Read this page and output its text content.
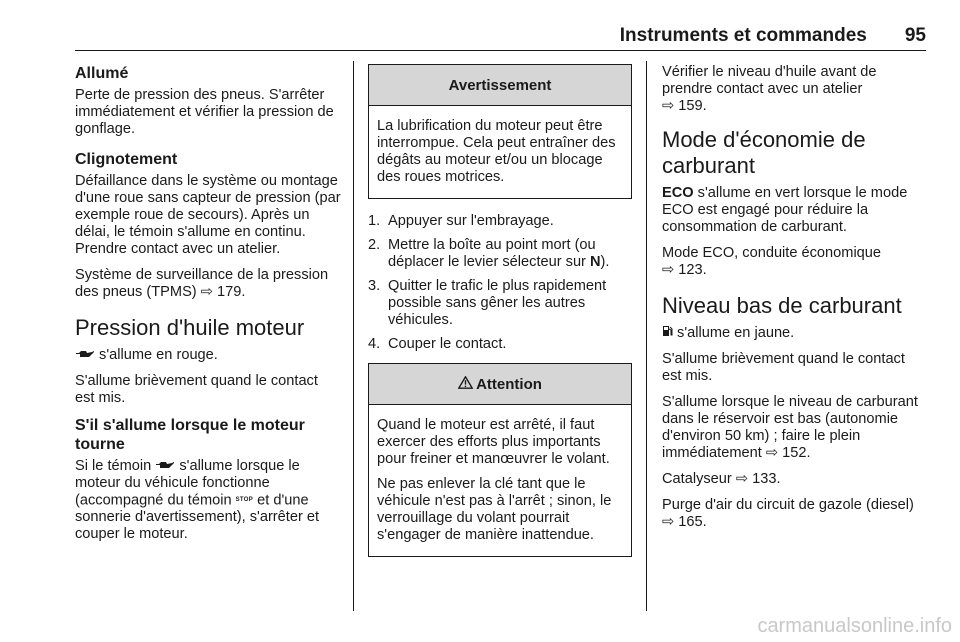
Instruments et commandes 95
Allumé

Perte de pression des pneus. S'arrêter immédiatement et vérifier la pression de gonflage.

Clignotement

Défaillance dans le système ou montage d'une roue sans capteur de pression (par exemple roue de secours). Après un délai, le témoin s'allume en continu. Prendre contact avec un atelier.

Système de surveillance de la pression des pneus (TPMS) ⇨ 179.

Pression d'huile moteur

s'allume en rouge.

S'allume brièvement quand le contact est mis.

S'il s'allume lorsque le moteur tourne

Si le témoin  s'allume lorsque le moteur du véhicule fonctionne (accompagné du témoin STOP et d'une sonnerie d'avertissement), s'arrêter et couper le moteur.

Avertissement

La lubrification du moteur peut être interrompue. Cela peut entraîner des dégâts au moteur et/ou un blocage des roues motrices.

1. Appuyer sur l'embrayage.
2. Mettre la boîte au point mort (ou déplacer le levier sélecteur sur N).
3. Quitter le trafic le plus rapidement possible sans gêner les autres véhicules.
4. Couper le contact.
Attention

Quand le moteur est arrêté, il faut exercer des efforts plus importants pour freiner et manœuvrer le volant.

Ne pas enlever la clé tant que le véhicule n'est pas à l'arrêt ; sinon, le verrouillage du volant pourrait s'engager de manière inattendue.

Vérifier le niveau d'huile avant de prendre contact avec un atelier
⇨ 159.

Mode d'économie de carburant

ECO s'allume en vert lorsque le mode ECO est engagé pour réduire la consommation de carburant.

Mode ECO, conduite économique
⇨ 123.

Niveau bas de carburant

s'allume en jaune.

S'allume brièvement quand le contact est mis.

S'allume lorsque le niveau de carburant dans le réservoir est bas (autonomie d'environ 50 km) ; faire le plein immédiatement ⇨ 152.

Catalyseur ⇨ 133.

Purge d'air du circuit de gazole (diesel) ⇨ 165.

carmanualsonline.info
